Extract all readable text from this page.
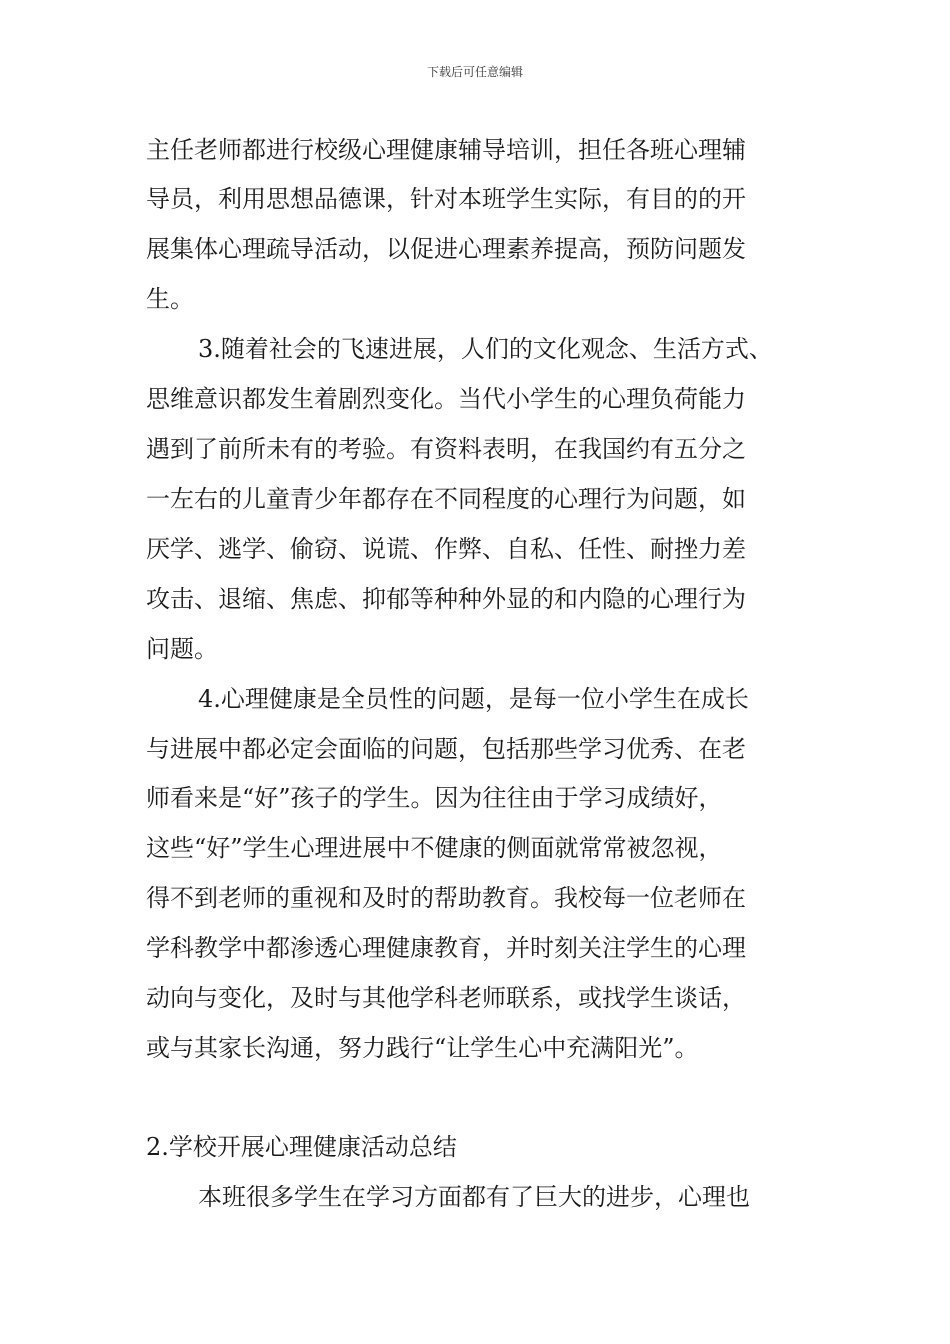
下载后可任意编辑
主任老师都进行校级心理健康辅导培训，担任各班心理辅
导员，利用思想品德课，针对本班学生实际，有目的的开
展集体心理疏导活动，以促进心理素养提高，预防问题发
生。
3.随着社会的飞速进展，人们的文化观念、生活方式、
思维意识都发生着剧烈变化。当代小学生的心理负荷能力
遇到了前所未有的考验。有资料表明，在我国约有五分之
一左右的儿童青少年都存在不同程度的心理行为问题，如
厌学、逃学、偷窃、说谎、作弊、自私、任性、耐挫力差
攻击、退缩、焦虑、抑郁等种种外显的和内隐的心理行为
问题。
4.心理健康是全员性的问题，是每一位小学生在成长
与进展中都必定会面临的问题，包括那些学习优秀、在老
师看来是“好”孩子的学生。因为往往由于学习成绩好，
这些“好”学生心理进展中不健康的侧面就常常被忽视，
得不到老师的重视和及时的帮助教育。我校每一位老师在
学科教学中都渗透心理健康教育，并时刻关注学生的心理
动向与变化，及时与其他学科老师联系，或找学生谈话，
或与其家长沟通，努力践行“让学生心中充满阳光”。
2.学校开展心理健康活动总结
本班很多学生在学习方面都有了巨大的进步，心理也
